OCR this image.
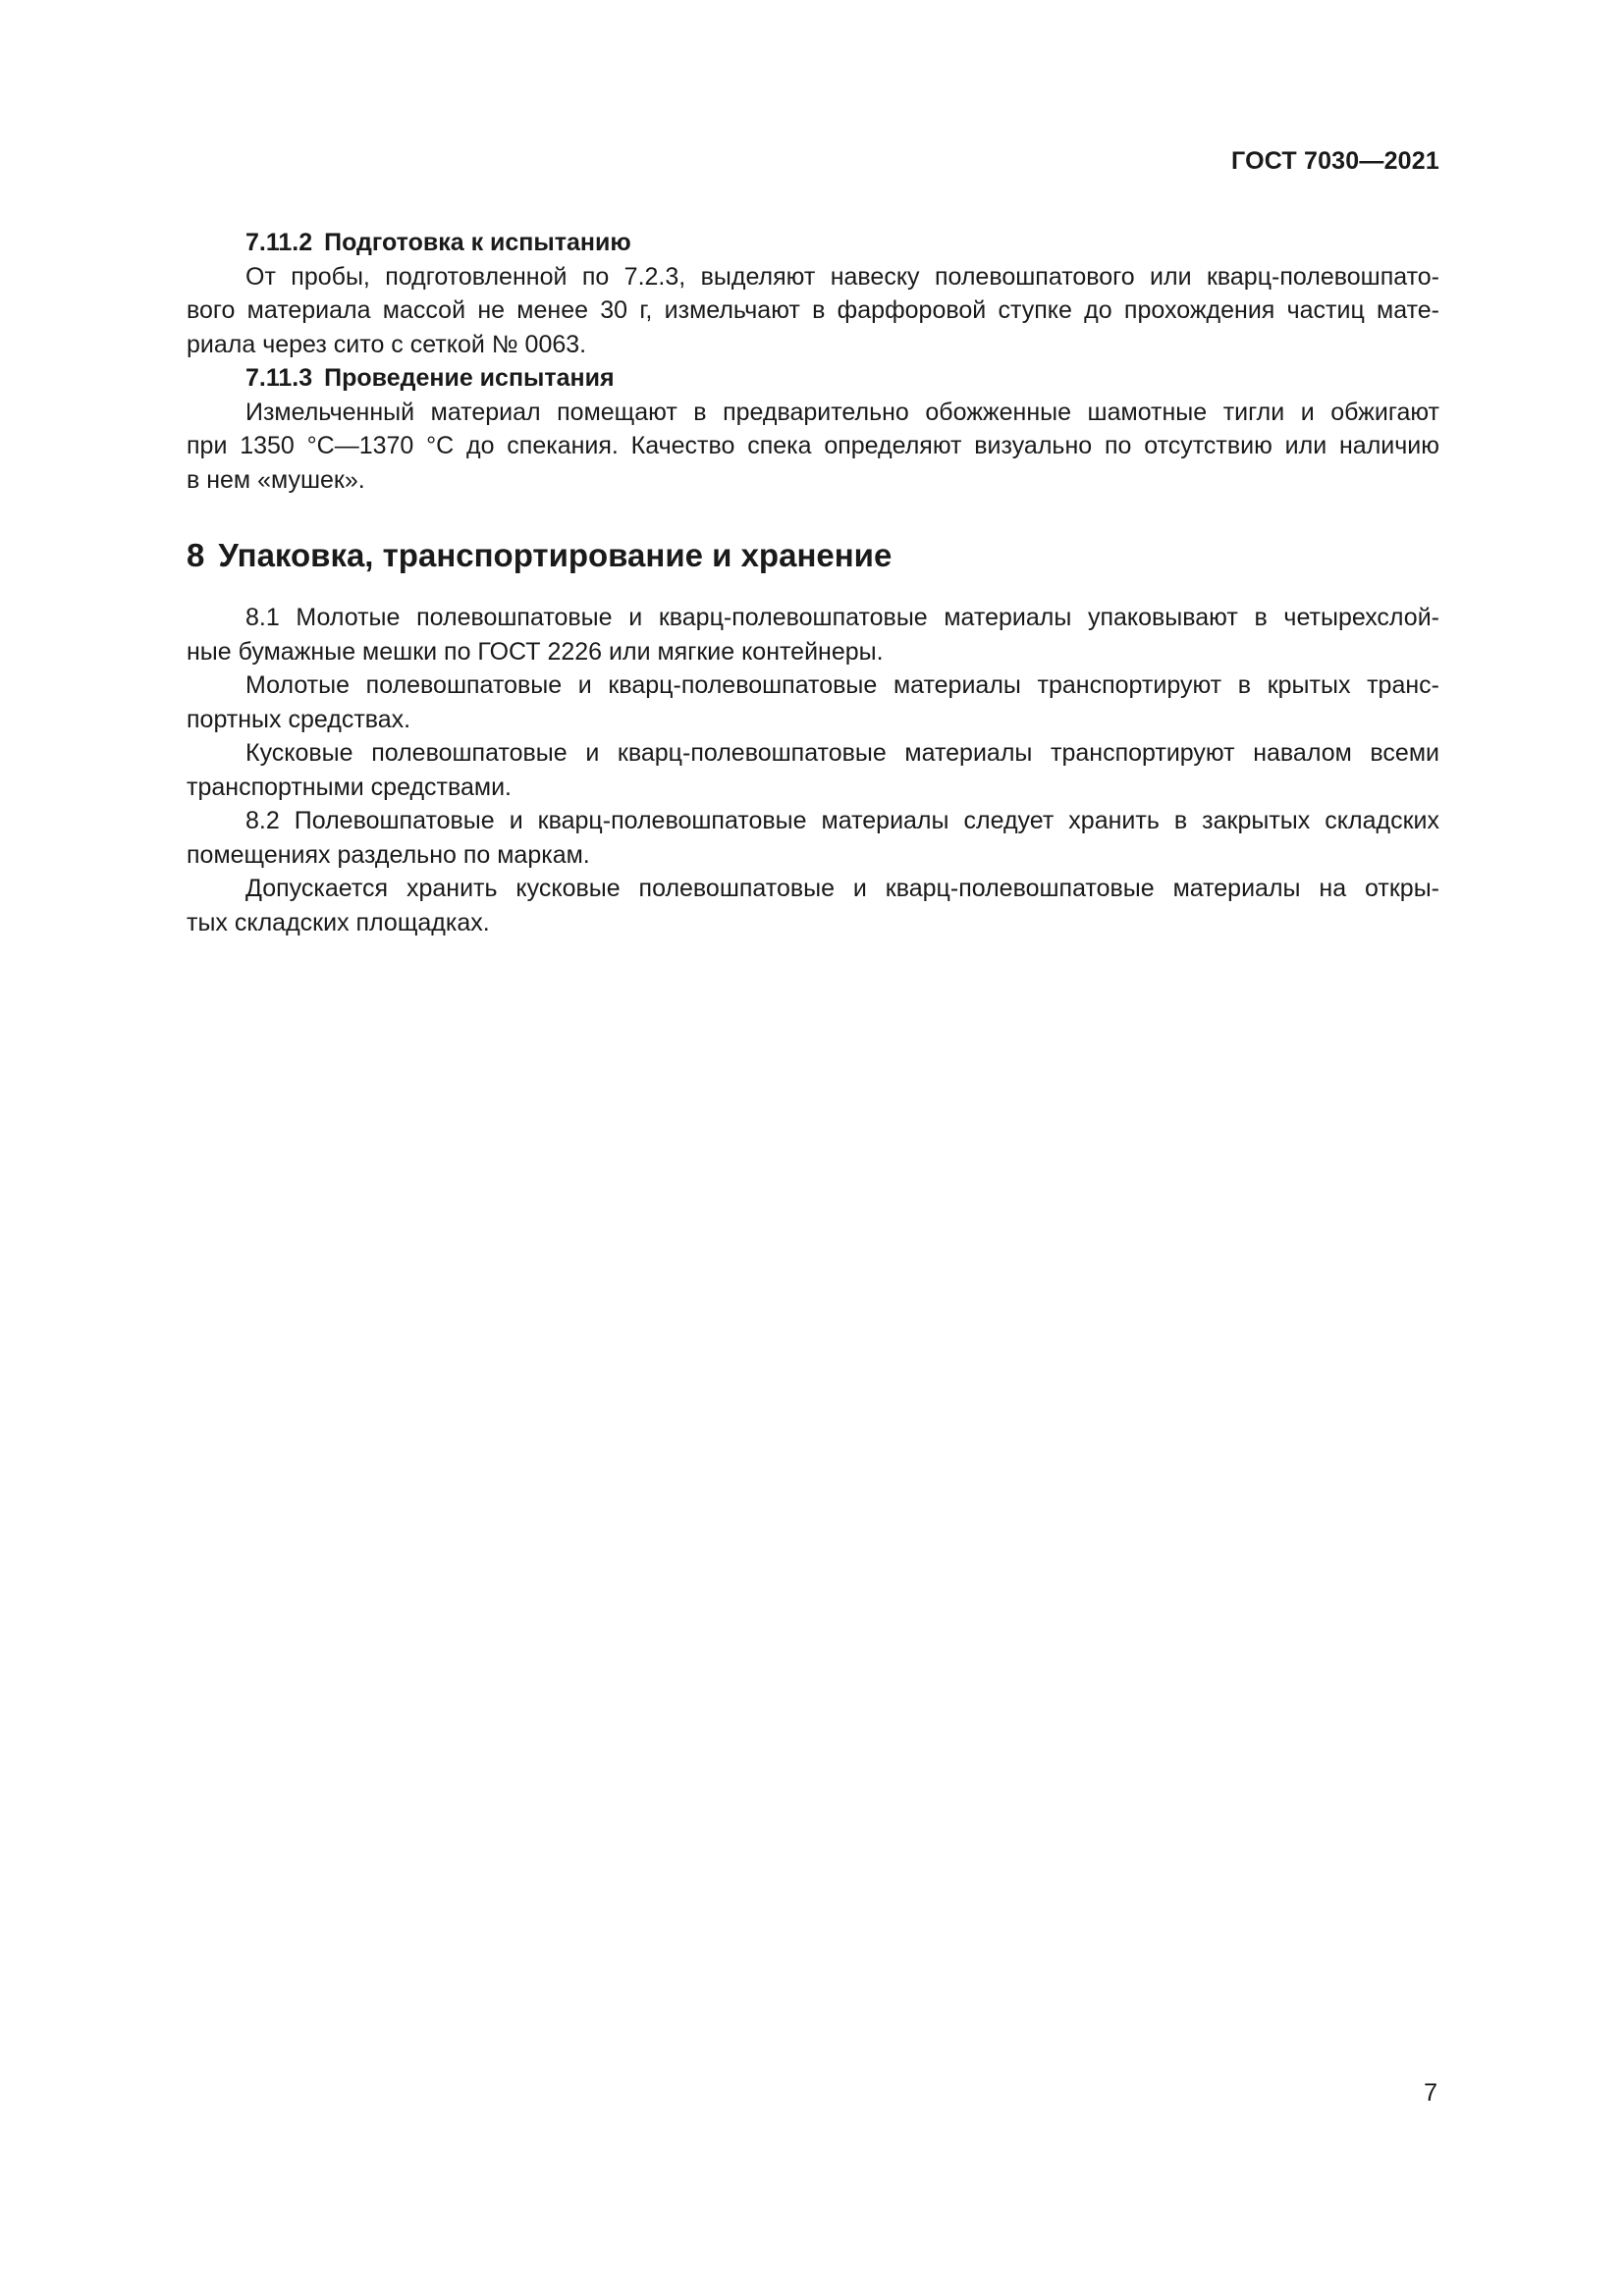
ГОСТ 7030—2021
7.11.2 Подготовка к испытанию
От пробы, подготовленной по 7.2.3, выделяют навеску полевошпатового или кварц-полевошпато-
вого материала массой не менее 30 г, измельчают в фарфоровой ступке до прохождения частиц мате-
риала через сито с сеткой № 0063.
7.11.3 Проведение испытания
Измельченный материал помещают в предварительно обожженные шамотные тигли и обжигают
при 1350 °С—1370 °С до спекания. Качество спека определяют визуально по отсутствию или наличию
в нем «мушек».
8 Упаковка, транспортирование и хранение
8.1 Молотые полевошпатовые и кварц-полевошпатовые материалы упаковывают в четырехслой-
ные бумажные мешки по ГОСТ 2226 или мягкие контейнеры.
Молотые полевошпатовые и кварц-полевошпатовые материалы транспортируют в крытых транс-
портных средствах.
Кусковые полевошпатовые и кварц-полевошпатовые материалы транспортируют навалом всеми
транспортными средствами.
8.2 Полевошпатовые и кварц-полевошпатовые материалы следует хранить в закрытых складских
помещениях раздельно по маркам.
Допускается хранить кусковые полевошпатовые и кварц-полевошпатовые материалы на откры-
тых складских площадках.
7
